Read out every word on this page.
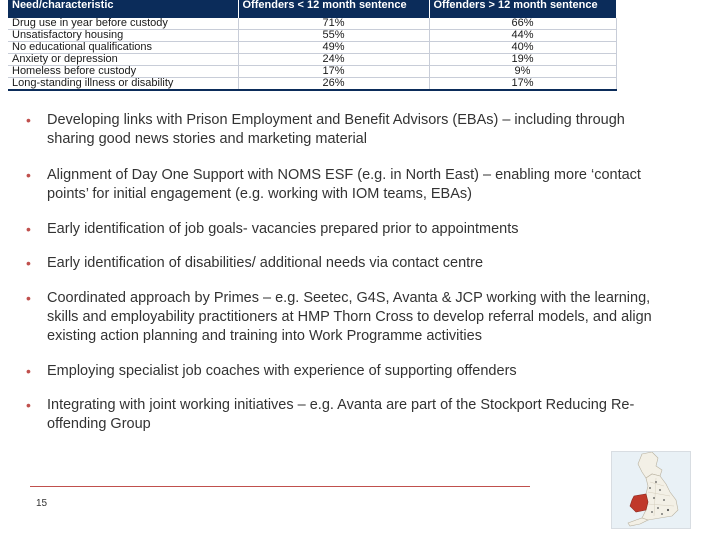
Need/characteristic	Offenders < 12 month sentence	Offenders > 12 month sentence
Drug use in year before custody	71%	66%
Unsatisfactory housing	55%	44%
No educational qualifications	49%	40%
Anxiety or depression	24%	19%
Homeless before custody	17%	9%
Long-standing illness or disability	26%	17%
• Developing links with Prison Employment and Benefit Advisors (EBAs) – including through sharing good news stories and marketing material
• Alignment of Day One Support with NOMS ESF (e.g. in North East) – enabling more ‘contact points’ for initial engagement (e.g. working with IOM teams, EBAs)
• Early identification of job goals- vacancies prepared prior to appointments
• Early identification of disabilities/ additional needs via contact centre
• Coordinated approach by Primes – e.g. Seetec, G4S, Avanta & JCP working with the learning, skills and employability practitioners at HMP Thorn Cross to develop referral models, and align existing action planning and training into Work Programme activities
• Employing specialist job coaches with experience of supporting offenders
• Integrating with joint working initiatives – e.g. Avanta are part of the Stockport Reducing Re-offending Group
15
